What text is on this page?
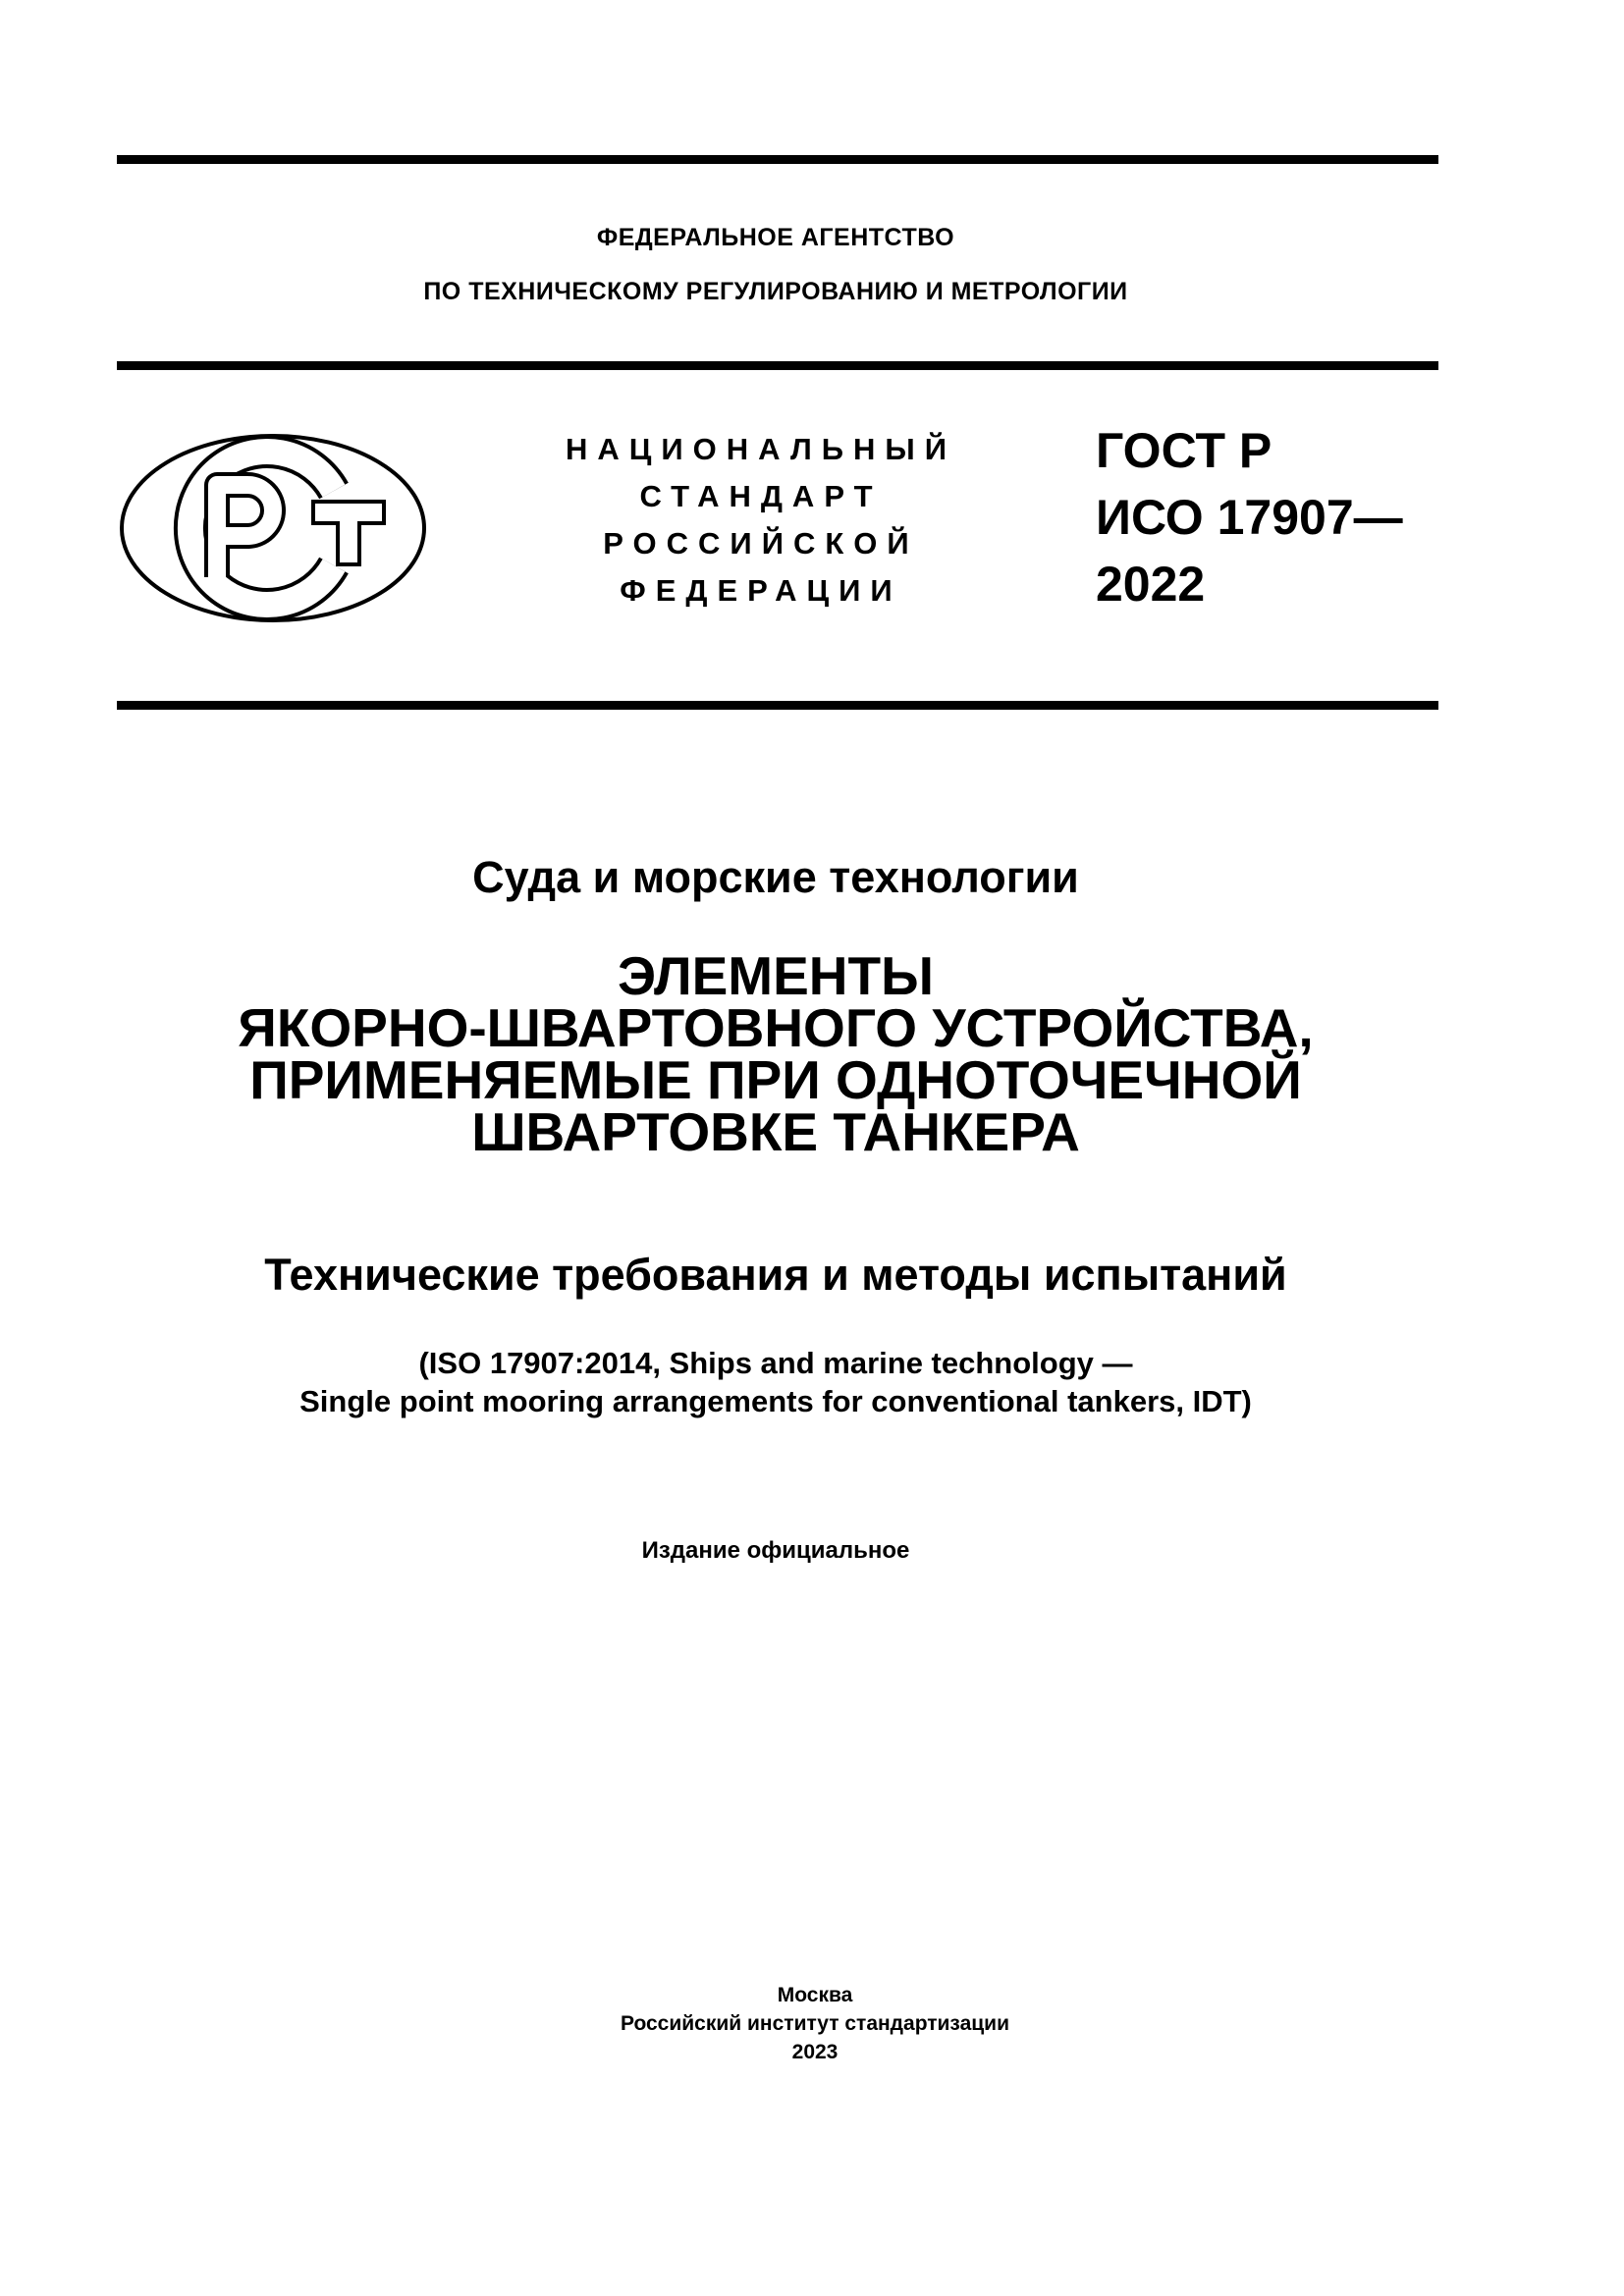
ФЕДЕРАЛЬНОЕ АГЕНТСТВО
ПО ТЕХНИЧЕСКОМУ РЕГУЛИРОВАНИЮ И МЕТРОЛОГИИ
НАЦИОНАЛЬНЫЙ
СТАНДАРТ
РОССИЙСКОЙ
ФЕДЕРАЦИИ
ГОСТ Р
ИСО 17907—
2022
Суда и морские технологии
ЭЛЕМЕНТЫ
ЯКОРНО-ШВАРТОВНОГО УСТРОЙСТВА,
ПРИМЕНЯЕМЫЕ ПРИ ОДНОТОЧЕЧНОЙ
ШВАРТОВКЕ ТАНКЕРА
Технические требования и методы испытаний
(ISO 17907:2014, Ships and marine technology —
Single point mooring arrangements for conventional tankers, IDT)
Издание официальное
Москва
Российский институт стандартизации
2023
